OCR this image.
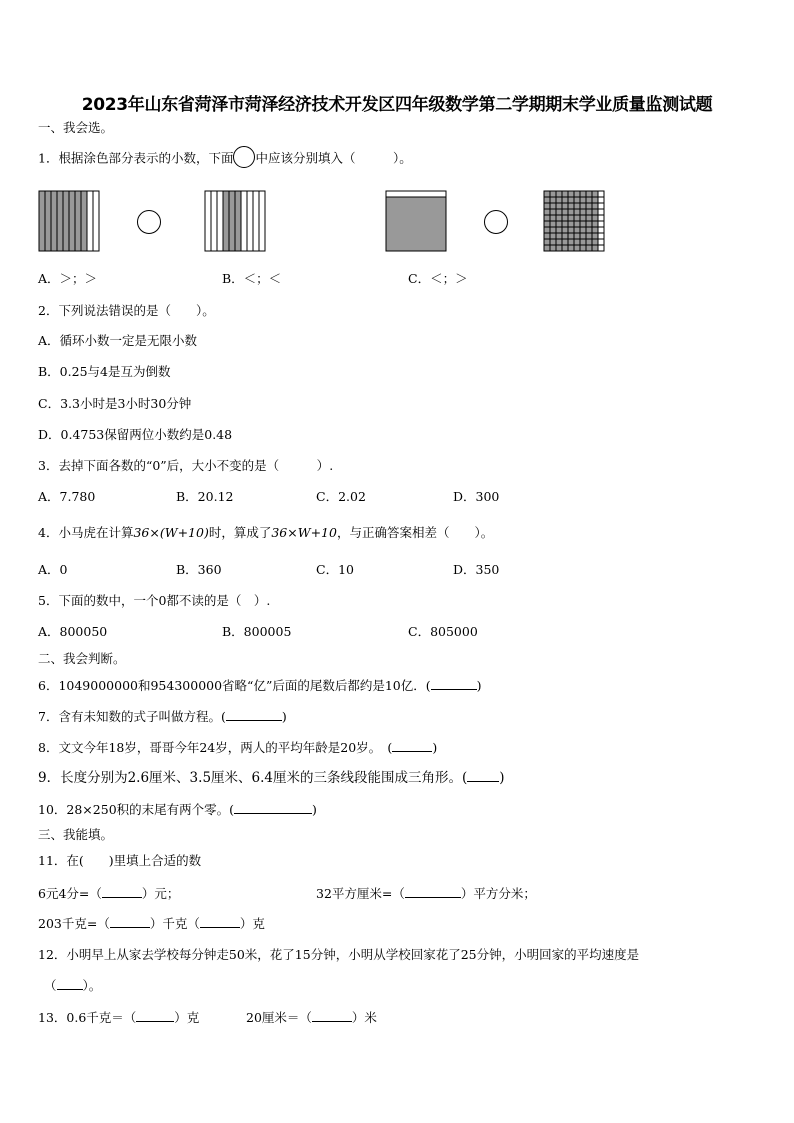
2023年山东省菏泽市菏泽经济技术开发区四年级数学第二学期期末学业质量监测试题
一、我会选。
1．根据涂色部分表示的小数，下面 中应该分别填入（　　　）。
A．＞；＞	B．＜；＜	C．＜；＞
2．下列说法错误的是（　　）。
A．循环小数一定是无限小数
B．0.25与4是互为倒数
C．3.3小时是3小时30分钟
D．0.4753保留两位小数约是0.48
3．去掉下面各数的“0”后，大小不变的是（　　　）.
A．7.780	B．20.12	C．2.02	D．300
4．小马虎在计算36×(W+10)时，算成了36×W+10，与正确答案相差（　　）。
A．0	B．360	C．10	D．350
5．下面的数中，一个0都不读的是（　）.
A．800050	B．800005	C．805000
二、我会判断。
6．1049000000和954300000省略“亿”后面的尾数后都约是10亿．(	)
7．含有未知数的式子叫做方程。(	)
8．文文今年18岁，哥哥今年24岁，两人的平均年龄是20岁。　(	)
9．长度分别为2.6厘米、3.5厘米、6.4厘米的三条线段能围成三角形。( )
10．28×250积的末尾有两个零。(	)
三、我能填。
11．在(　　)里填上合适的数
6元4分=（	）元；	32平方厘米=（	）平方分米；
203千克=（	）千克（	）克
12．小明早上从家去学校每分钟走50米，花了15分钟，小明从学校回家花了25分钟，小明回家的平均速度是
（ ）。
13．0.6千克＝（	）克	20厘米＝（	）米
